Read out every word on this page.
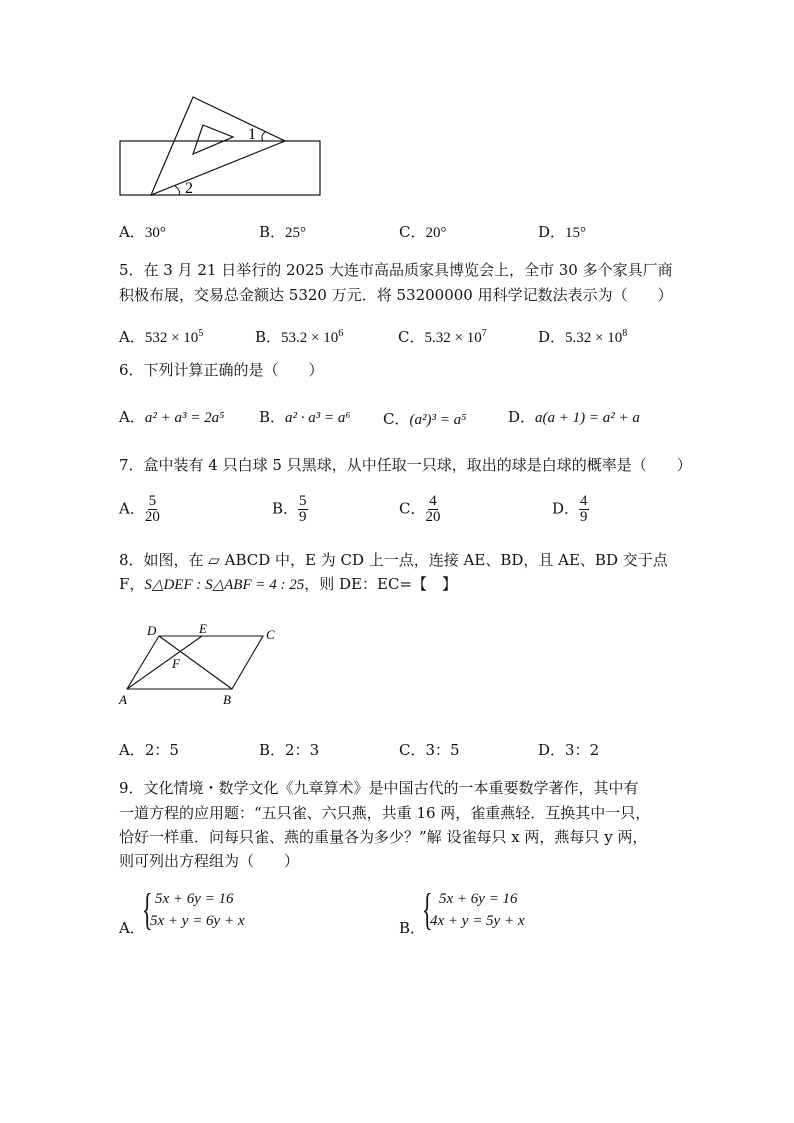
1
2
A．30°	B．25°	C．20°	D．15°
5．在 3 月 21 日举行的 2025 大连市高品质家具博览会上，全市 30 多个家具厂商
积极布展，交易总金额达 5320 万元．将 53200000 用科学记数法表示为（　　）
A．$532 \times 10^5$	B．$53.2 \times 10^6$	C．$5.32 \times 10^7$	D．$5.32 \times 10^8$
6．下列计算正确的是（　　）
A．a² + a³ = 2a⁵ B．a² · a³ = a⁶ C．(a²)³ = a⁵	D．a(a + 1) = a² + a
7．盒中装有 4 只白球 5 只黑球，从中任取一只球，取出的球是白球的概率是（　　）
A． $\frac{5}{20}$	B． $\frac{5}{9}$	C． $\frac{4}{20}$	D． $\frac{4}{9}$
8．如图，在 ▱ ABCD 中，E 为 CD 上一点，连接 AE、BD，且 AE、BD 交于点
F，S△DEF : S△ABF = 4 : 25，则 DE：EC=【　】
D	E	C
F
A	B
A．2：5	B．2：3	C．3：5	D．3：2
9．文化情境・数学文化《九章算术》是中国古代的一本重要数学著作，其中有
一道方程的应用题：“五只雀、六只燕，共重 16 两，雀重燕轻．互换其中一只，
恰好一样重．问每只雀、燕的重量各为多少？”解 设雀每只 x 两，燕每只 y 两，
则可列出方程组为（　　）
A．
{ 5x + 6y = 16
5x + y = 6y + x	B．
{ 5x + 6y = 16
4x + y = 5y + x
